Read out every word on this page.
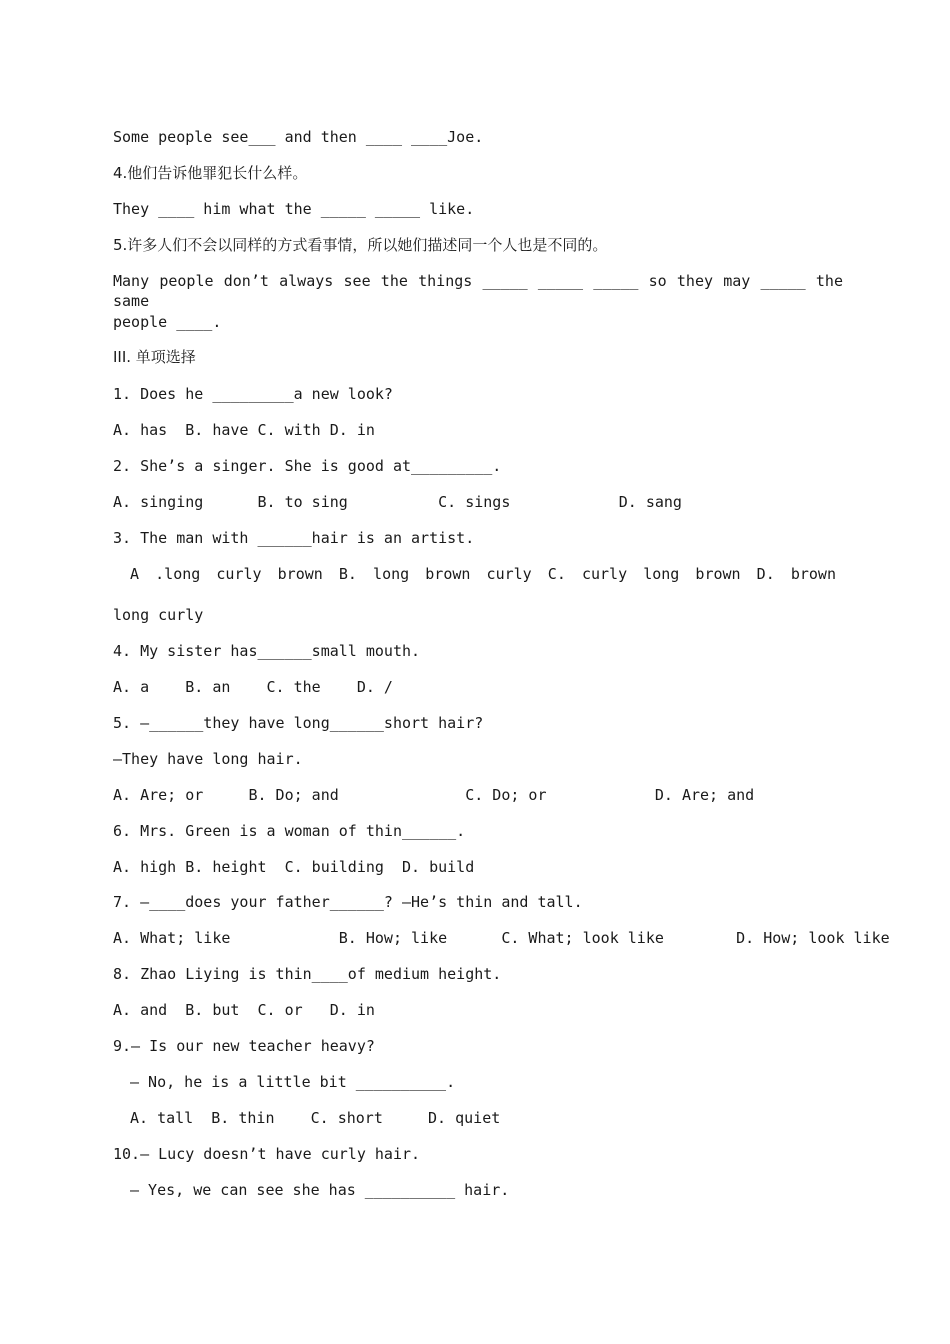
Some people see___ and then ____ ____Joe.
4.他们告诉他罪犯长什么样。
They ____ him what the _____ _____ like.
5.许多人们不会以同样的方式看事情，所以她们描述同一个人也是不同的。
Many people don’t always see the things _____ _____ _____ so they may _____ the same
people ____.
III. 单项选择
1. Does he _________a new look?
A. has  B. have C. with D. in
2. She’s a singer. She is good at_________.
A. singing      B. to sing          C. sings            D. sang
3. The man with ______hair is an artist.
A .long curly brown B. long brown curly C. curly long brown D. brown
long curly
4. My sister has______small mouth.
A. a    B. an    C. the    D. /
5. —______they have long______short hair?
—They have long hair.
A. Are; or     B. Do; and              C. Do; or            D. Are; and
6. Mrs. Green is a woman of thin______.
A. high B. height  C. building  D. build
7. —____does your father______? —He’s thin and tall.
A. What; like            B. How; like      C. What; look like        D. How; look like
8. Zhao Liying is thin____of medium height.
A. and  B. but  C. or   D. in
9.— Is our new teacher heavy?
— No, he is a little bit __________.
A. tall  B. thin    C. short     D. quiet
10.— Lucy doesn’t have curly hair.
— Yes, we can see she has __________ hair.
